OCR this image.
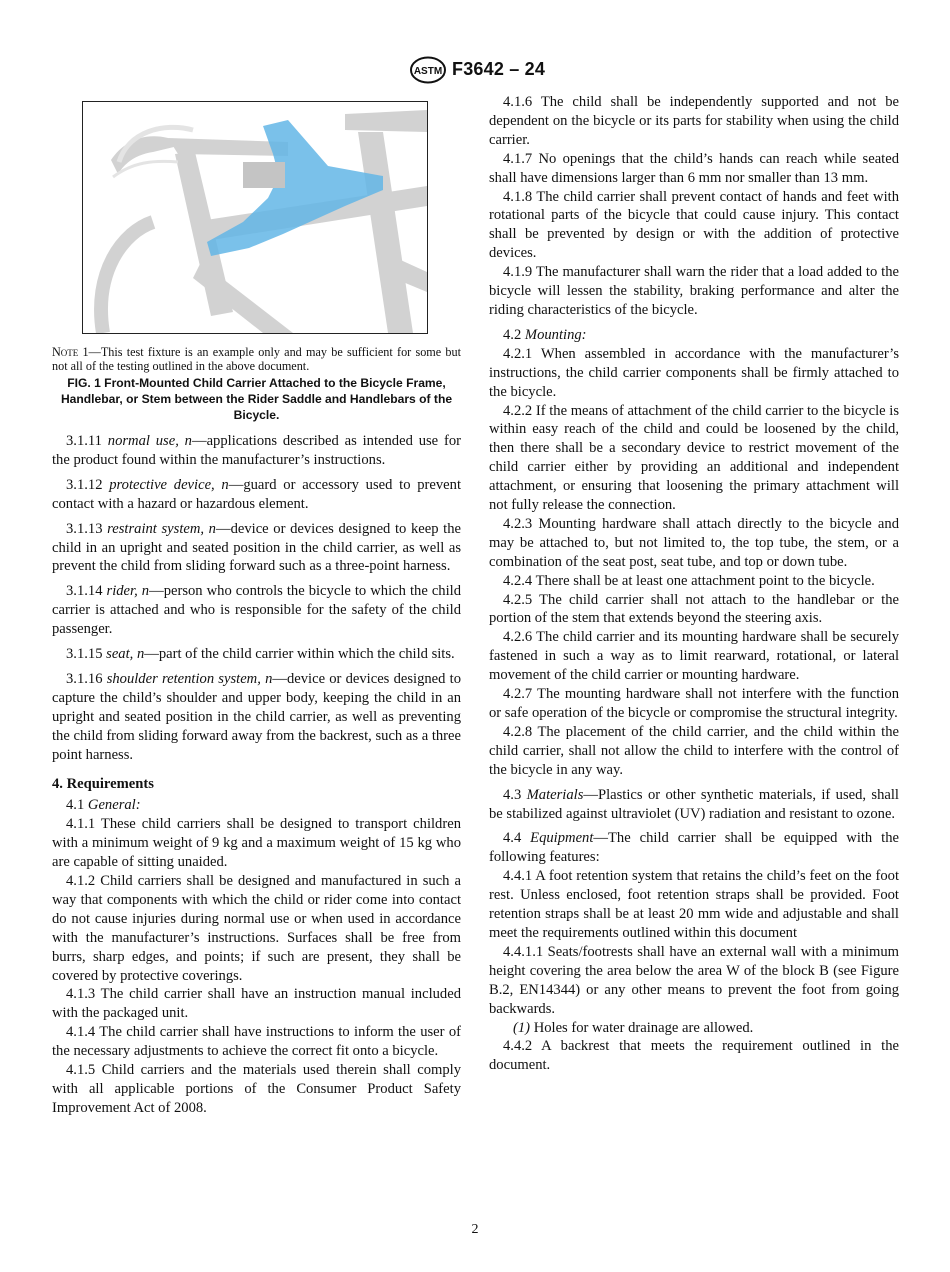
ASTM F3642 – 24
Note 1—This test fixture is an example only and may be sufficient for some but not all of the testing outlined in the above document.
FIG. 1 Front-Mounted Child Carrier Attached to the Bicycle Frame, Handlebar, or Stem between the Rider Saddle and Handlebars of the Bicycle.

3.1.11 normal use, n—applications described as intended use for the product found within the manufacturer’s instructions.

3.1.12 protective device, n—guard or accessory used to prevent contact with a hazard or hazardous element.

3.1.13 restraint system, n—device or devices designed to keep the child in an upright and seated position in the child carrier, as well as prevent the child from sliding forward such as a three-point harness.

3.1.14 rider, n—person who controls the bicycle to which the child carrier is attached and who is responsible for the safety of the child passenger.

3.1.15 seat, n—part of the child carrier within which the child sits.

3.1.16 shoulder retention system, n—device or devices designed to capture the child’s shoulder and upper body, keeping the child in an upright and seated position in the child carrier, as well as preventing the child from sliding forward away from the backrest, such as a three point harness.

4. Requirements

4.1 General:

4.1.1 These child carriers shall be designed to transport children with a minimum weight of 9 kg and a maximum weight of 15 kg who are capable of sitting unaided.

4.1.2 Child carriers shall be designed and manufactured in such a way that components with which the child or rider come into contact do not cause injuries during normal use or when used in accordance with the manufacturer’s instructions. Surfaces shall be free from burrs, sharp edges, and points; if such are present, they shall be covered by protective coverings.

4.1.3 The child carrier shall have an instruction manual included with the packaged unit.

4.1.4 The child carrier shall have instructions to inform the user of the necessary adjustments to achieve the correct fit onto a bicycle.

4.1.5 Child carriers and the materials used therein shall comply with all applicable portions of the Consumer Product Safety Improvement Act of 2008.

4.1.6 The child shall be independently supported and not be dependent on the bicycle or its parts for stability when using the child carrier.

4.1.7 No openings that the child’s hands can reach while seated shall have dimensions larger than 6 mm nor smaller than 13 mm.

4.1.8 The child carrier shall prevent contact of hands and feet with rotational parts of the bicycle that could cause injury. This contact shall be prevented by design or with the addition of protective devices.

4.1.9 The manufacturer shall warn the rider that a load added to the bicycle will lessen the stability, braking performance and alter the riding characteristics of the bicycle.

4.2 Mounting:

4.2.1 When assembled in accordance with the manufacturer’s instructions, the child carrier components shall be firmly attached to the bicycle.

4.2.2 If the means of attachment of the child carrier to the bicycle is within easy reach of the child and could be loosened by the child, then there shall be a secondary device to restrict movement of the child carrier either by providing an additional and independent attachment, or ensuring that loosening the primary attachment will not fully release the connection.

4.2.3 Mounting hardware shall attach directly to the bicycle and may be attached to, but not limited to, the top tube, the stem, or a combination of the seat post, seat tube, and top or down tube.

4.2.4 There shall be at least one attachment point to the bicycle.

4.2.5 The child carrier shall not attach to the handlebar or the portion of the stem that extends beyond the steering axis.

4.2.6 The child carrier and its mounting hardware shall be securely fastened in such a way as to limit rearward, rotational, or lateral movement of the child carrier or mounting hardware.

4.2.7 The mounting hardware shall not interfere with the function or safe operation of the bicycle or compromise the structural integrity.

4.2.8 The placement of the child carrier, and the child within the child carrier, shall not allow the child to interfere with the control of the bicycle in any way.

4.3 Materials—Plastics or other synthetic materials, if used, shall be stabilized against ultraviolet (UV) radiation and resistant to ozone.

4.4 Equipment—The child carrier shall be equipped with the following features:

4.4.1 A foot retention system that retains the child’s feet on the foot rest. Unless enclosed, foot retention straps shall be provided. Foot retention straps shall be at least 20 mm wide and adjustable and shall meet the requirements outlined within this document

4.4.1.1 Seats/footrests shall have an external wall with a minimum height covering the area below the area W of the block B (see Figure B.2, EN14344) or any other means to prevent the foot from going backwards.

(1) Holes for water drainage are allowed.

4.4.2 A backrest that meets the requirement outlined in the document.

2
